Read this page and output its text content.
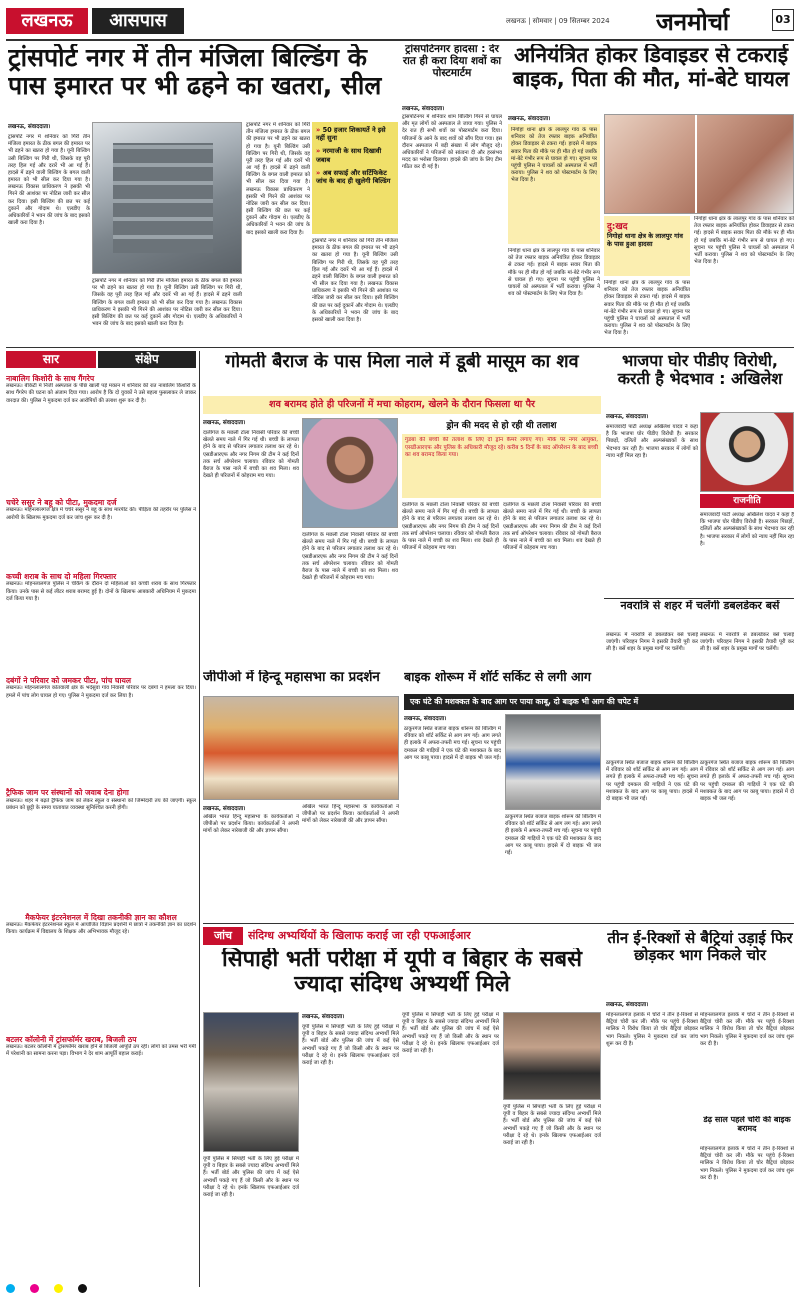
लखनऊ	आसपास	लखनऊ | सोमवार | 09 सितम्बर 2024	जनमोर्चा	03
ट्रांसपोर्ट नगर में तीन मंजिला बिल्डिंग के पास इमारत पर भी ढहने का खतरा, सील
लखनऊ, संवाददाता।
ट्रांसपोर्ट नगर में शनिवार को गिरी तीन मंजिला इमारत के ठीक बगल की इमारत पर भी ढहने का खतरा हो गया है। यूनी बिल्डिंग उसी बिल्डिंग पर गिरी थी, जिसके वह पूरी तरह हिल गई और दरारें भी आ गई हैं। हादसे में ढहने वाली बिल्डिंग के बगल वाली इमारत को भी सील कर दिया गया है। लखनऊ विकास प्राधिकरण ने इसकी भी गिरने की आशंका पर नोटिस जारी कर सील कर दिया। इसी बिल्डिंग की छत पर कई दुकानें और गोदाम थे। एलडीए के अधिकारियों ने भवन की जांच के बाद इसको खाली करा दिया है।
ट्रांसपोर्ट नगर में शनिवार को गिरी तीन मंजिला इमारत के ठीक बगल की इमारत पर भी ढहने का खतरा हो गया है। यूनी बिल्डिंग उसी बिल्डिंग पर गिरी थी, जिसके वह पूरी तरह हिल गई और दरारें भी आ गई हैं। हादसे में ढहने वाली बिल्डिंग के बगल वाली इमारत को भी सील कर दिया गया है। लखनऊ विकास प्राधिकरण ने इसकी भी गिरने की आशंका पर नोटिस जारी कर सील कर दिया। इसी बिल्डिंग की छत पर कई दुकानें और गोदाम थे। एलडीए के अधिकारियों ने भवन की जांच के बाद इसको खाली करा दिया है।
ट्रांसपोर्ट नगर में शनिवार को गिरी तीन मंजिला इमारत के ठीक बगल की इमारत पर भी ढहने का खतरा हो गया है। यूनी बिल्डिंग उसी बिल्डिंग पर गिरी थी, जिसके वह पूरी तरह हिल गई और दरारें भी आ गई हैं। हादसे में ढहने वाली बिल्डिंग के बगल वाली इमारत को भी सील कर दिया गया है। लखनऊ विकास प्राधिकरण ने इसकी भी गिरने की आशंका पर नोटिस जारी कर सील कर दिया। इसी बिल्डिंग की छत पर कई दुकानें और गोदाम थे। एलडीए के अधिकारियों ने भवन की जांच के बाद इसको खाली करा दिया है।
» 50 हजार शिकायतें ने इसे नहीं सुना
» नरमाजी के साथ दिखावी जबाब
» अब सफाई और सर्टिफिकेट जांच के बाद ही खुलेगी बिल्डिंग
ट्रांसपोर्ट नगर में शनिवार को गिरी तीन मंजिला इमारत के ठीक बगल की इमारत पर भी ढहने का खतरा हो गया है। यूनी बिल्डिंग उसी बिल्डिंग पर गिरी थी, जिसके वह पूरी तरह हिल गई और दरारें भी आ गई हैं। हादसे में ढहने वाली बिल्डिंग के बगल वाली इमारत को भी सील कर दिया गया है। लखनऊ विकास प्राधिकरण ने इसकी भी गिरने की आशंका पर नोटिस जारी कर सील कर दिया। इसी बिल्डिंग की छत पर कई दुकानें और गोदाम थे। एलडीए के अधिकारियों ने भवन की जांच के बाद इसको खाली करा दिया है।
ट्रांसपोर्टनगर हादसा : देर रात ही करा दिया शवों का पोस्टमार्टम
लखनऊ, संवाददाता।
ट्रांसपोर्टनगर में शनिवार शाम बिल्डिंग गिरने से घायल और मृत लोगों को अस्पताल ले जाया गया। पुलिस ने देर रात ही सभी शवों का पोस्टमार्टम करा दिया। परिजनों के आने के बाद शवों को सौंप दिया गया। इस दौरान अस्पताल में बड़ी संख्या में लोग मौजूद रहे। अधिकारियों ने परिजनों को सांत्वना दी और हरसंभव मदद का भरोसा दिलाया। हादसे की जांच के लिए टीम गठित कर दी गई है।
अनियंत्रित होकर डिवाइडर से टकराई बाइक, पिता की मौत, मां-बेटे घायल
लखनऊ, संवाददाता।
निगोहां थाना क्षेत्र के लालपुर गांव के पास शनिवार को तेज रफ्तार बाइक अनियंत्रित होकर डिवाइडर से टकरा गई। हादसे में बाइक सवार पिता की मौके पर ही मौत हो गई जबकि मां-बेटे गंभीर रूप से घायल हो गए। सूचना पर पहुंची पुलिस ने घायलों को अस्पताल में भर्ती कराया। पुलिस ने शव को पोस्टमार्टम के लिए भेज दिया है।
दु:खद
निगोहां थाना क्षेत्र के लालपुर गांव के पास हुआ हादसा
निगोहां थाना क्षेत्र के लालपुर गांव के पास शनिवार को तेज रफ्तार बाइक अनियंत्रित होकर डिवाइडर से टकरा गई। हादसे में बाइक सवार पिता की मौके पर ही मौत हो गई जबकि मां-बेटे गंभीर रूप से घायल हो गए। सूचना पर पहुंची पुलिस ने घायलों को अस्पताल में भर्ती कराया। पुलिस ने शव को पोस्टमार्टम के लिए भेज दिया है।
निगोहां थाना क्षेत्र के लालपुर गांव के पास शनिवार को तेज रफ्तार बाइक अनियंत्रित होकर डिवाइडर से टकरा गई। हादसे में बाइक सवार पिता की मौके पर ही मौत हो गई जबकि मां-बेटे गंभीर रूप से घायल हो गए। सूचना पर पहुंची पुलिस ने घायलों को अस्पताल में भर्ती कराया। पुलिस ने शव को पोस्टमार्टम के लिए भेज दिया है।
निगोहां थाना क्षेत्र के लालपुर गांव के पास शनिवार को तेज रफ्तार बाइक अनियंत्रित होकर डिवाइडर से टकरा गई। हादसे में बाइक सवार पिता की मौके पर ही मौत हो गई जबकि मां-बेटे गंभीर रूप से घायल हो गए। सूचना पर पहुंची पुलिस ने घायलों को अस्पताल में भर्ती कराया। पुलिस ने शव को पोस्टमार्टम के लिए भेज दिया है।
सार	संक्षेप
नाबालिग किशोरी के साथ गैंगरेप
लखनऊ। बीकेटी में निजी अस्पताल के पीछे खाली पड़े मकान में शनिवार की रात नाबालिग किशोरी के साथ गैंगरेप की घटना को अंजाम दिया गया। आरोप है कि दो युवकों ने उसे बहला फुसलाकर ले जाकर वारदात की। पुलिस ने मुकदमा दर्ज कर आरोपियों की तलाश शुरू कर दी है।
चचेरे ससुर ने बहू को पीटा, मुकदमा दर्ज
लखनऊ। मोहनलालगंज क्षेत्र में चचेरे ससुर ने बहू के साथ मारपीट की। पीड़िता की तहरीर पर पुलिस ने आरोपी के खिलाफ मुकदमा दर्ज कर जांच शुरू कर दी है।
कच्ची शराब के साथ दो महिला गिरफ्तार
लखनऊ। मोहनलालगंज पुलिस ने चेकिंग के दौरान दो महिलाओं को कच्ची शराब के साथ गिरफ्तार किया। उनके पास से कई लीटर शराब बरामद हुई है। दोनों के खिलाफ आबकारी अधिनियम में मुकदमा दर्ज किया गया है।
दबंगों ने परिवार को जमकर पीटा, पांच घायल
लखनऊ। मोहनलालगंज कोतवाली क्षेत्र के भदेसुवा गांव निवासी परिवार पर दबंगों ने हमला कर दिया। हमले में पांच लोग घायल हो गए। पुलिस ने मुकदमा दर्ज कर लिया है।
ट्रैफिक जाम पर संस्थानों को जवाब देना होगा
लखनऊ। शहर में बढ़ते ट्रैफिक जाम को लेकर स्कूल व संस्थानों को जिम्मेदारी तय की जाएगी। स्कूल प्रबंधन को छुट्टी के समय यातायात व्यवस्था सुनिश्चित करनी होगी।
मैकफेयर इंटरनेशनल में दिखा तकनीकी ज्ञान का कौशल
लखनऊ। मैकफेयर इंटरनेशनल स्कूल में आयोजित विज्ञान प्रदर्शनी में छात्रों ने तकनीकी ज्ञान का प्रदर्शन किया। कार्यक्रम में विद्यालय के शिक्षक और अभिभावक मौजूद रहे।
बटलर कॉलोनी में ट्रांसफॉर्मर खराब, बिजली ठप
लखनऊ। बटलर कॉलोनी में ट्रांसफॉर्मर खराब होने से बिजली आपूर्ति ठप रही। लोगों को उमस भरी गर्मी में परेशानी का सामना करना पड़ा। विभाग ने देर शाम आपूर्ति बहाल कराई।
गोमती बैराज के पास मिला नाले में डूबी मासूम का शव
शव बरामद होते ही परिजनों में मचा कोहराम, खेलने के दौरान फिसला था पैर
लखनऊ, संवाददाता।
दालीगंज के मछली टोला निवासी परिवार की बच्ची खेलते समय नाले में गिर गई थी। बच्ची के लापता होने के बाद से परिजन लगातार तलाश कर रहे थे। एसडीआरएफ और नगर निगम की टीम ने कई दिनों तक सर्च ऑपरेशन चलाया। रविवार को गोमती बैराज के पास नाले में बच्ची का शव मिला। शव देखते ही परिजनों में कोहराम मच गया।
दालीगंज के मछली टोला निवासी परिवार की बच्ची खेलते समय नाले में गिर गई थी। बच्ची के लापता होने के बाद से परिजन लगातार तलाश कर रहे थे। एसडीआरएफ और नगर निगम की टीम ने कई दिनों तक सर्च ऑपरेशन चलाया। रविवार को गोमती बैराज के पास नाले में बच्ची का शव मिला। शव देखते ही परिजनों में कोहराम मच गया।
ड्रोन की मदद से हो रही थी तलाश
गुडंबा की बच्ची की तलाश के लिए दो ड्रोन कैमरे लगाए गए। मौके पर नगर आयुक्त, एसडीआरएफ और पुलिस के अधिकारी मौजूद रहे। करीब 5 दिनों के बाद ऑपरेशन के बाद बच्ची का शव बरामद किया गया।
दालीगंज के मछली टोला निवासी परिवार की बच्ची खेलते समय नाले में गिर गई थी। बच्ची के लापता होने के बाद से परिजन लगातार तलाश कर रहे थे। एसडीआरएफ और नगर निगम की टीम ने कई दिनों तक सर्च ऑपरेशन चलाया। रविवार को गोमती बैराज के पास नाले में बच्ची का शव मिला। शव देखते ही परिजनों में कोहराम मच गया।
दालीगंज के मछली टोला निवासी परिवार की बच्ची खेलते समय नाले में गिर गई थी। बच्ची के लापता होने के बाद से परिजन लगातार तलाश कर रहे थे। एसडीआरएफ और नगर निगम की टीम ने कई दिनों तक सर्च ऑपरेशन चलाया। रविवार को गोमती बैराज के पास नाले में बच्ची का शव मिला। शव देखते ही परिजनों में कोहराम मच गया।
भाजपा घोर पीडीए विरोधी, करती है भेदभाव : अखिलेश
लखनऊ, संवाददाता।
समाजवादी पार्टी अध्यक्ष अखिलेश यादव ने कहा है कि भाजपा घोर पीडीए विरोधी है। सरकार पिछड़ों, दलितों और अल्पसंख्यकों के साथ भेदभाव कर रही है। भाजपा सरकार में लोगों को न्याय नहीं मिल रहा है।
राजनीति
समाजवादी पार्टी अध्यक्ष अखिलेश यादव ने कहा है कि भाजपा घोर पीडीए विरोधी है। सरकार पिछड़ों, दलितों और अल्पसंख्यकों के साथ भेदभाव कर रही है। भाजपा सरकार में लोगों को न्याय नहीं मिल रहा है।
नवरात्रि से शहर में चलेंगी डबलडेकर बसें
लखनऊ में नवरात्रि से डबलडेकर बसें चलाई जाएंगी। परिवहन निगम ने इसकी तैयारी पूरी कर ली है। बसें शहर के प्रमुख मार्गों पर चलेंगी।
लखनऊ में नवरात्रि से डबलडेकर बसें चलाई जाएंगी। परिवहन निगम ने इसकी तैयारी पूरी कर ली है। बसें शहर के प्रमुख मार्गों पर चलेंगी।
जीपीओ में हिन्दू महासभा का प्रदर्शन
लखनऊ, संवाददाता।
अखिल भारत हिन्दू महासभा के कार्यकर्ताओं ने जीपीओ पर प्रदर्शन किया। कार्यकर्ताओं ने अपनी मांगों को लेकर नारेबाजी की और ज्ञापन सौंपा।
अखिल भारत हिन्दू महासभा के कार्यकर्ताओं ने जीपीओ पर प्रदर्शन किया। कार्यकर्ताओं ने अपनी मांगों को लेकर नारेबाजी की और ज्ञापन सौंपा।
बाइक शोरूम में शॉर्ट सर्किट से लगी आग
एक घंटे की मशक्कत के बाद आग पर पाया काबू, दो बाइक भी आग की चपेट में
लखनऊ, संवाददाता।
ठाकुरगंज स्थित बजाज बाइक शोरूम की बिल्डिंग में रविवार को शॉर्ट सर्किट से आग लग गई। आग लगते ही इलाके में अफरा-तफरी मच गई। सूचना पर पहुंची दमकल की गाड़ियों ने एक घंटे की मशक्कत के बाद आग पर काबू पाया। हादसे में दो बाइक भी जल गईं।
ठाकुरगंज स्थित बजाज बाइक शोरूम की बिल्डिंग में रविवार को शॉर्ट सर्किट से आग लग गई। आग लगते ही इलाके में अफरा-तफरी मच गई। सूचना पर पहुंची दमकल की गाड़ियों ने एक घंटे की मशक्कत के बाद आग पर काबू पाया। हादसे में दो बाइक भी जल गईं।
ठाकुरगंज स्थित बजाज बाइक शोरूम की बिल्डिंग में रविवार को शॉर्ट सर्किट से आग लग गई। आग लगते ही इलाके में अफरा-तफरी मच गई। सूचना पर पहुंची दमकल की गाड़ियों ने एक घंटे की मशक्कत के बाद आग पर काबू पाया। हादसे में दो बाइक भी जल गईं।
ठाकुरगंज स्थित बजाज बाइक शोरूम की बिल्डिंग में रविवार को शॉर्ट सर्किट से आग लग गई। आग लगते ही इलाके में अफरा-तफरी मच गई। सूचना पर पहुंची दमकल की गाड़ियों ने एक घंटे की मशक्कत के बाद आग पर काबू पाया। हादसे में दो बाइक भी जल गईं।
जांच	संदिग्ध अभ्यर्थियों के खिलाफ कराई जा रही एफआईआर
सिपाही भर्ती परीक्षा में यूपी व बिहार के सबसे ज्यादा संदिग्ध अभ्यर्थी मिले
यूपी पुलिस में सिपाही भर्ती के लिए हुई परीक्षा में यूपी व बिहार के सबसे ज्यादा संदिग्ध अभ्यर्थी मिले हैं। भर्ती बोर्ड और पुलिस की जांच में कई ऐसे अभ्यर्थी पकड़े गए हैं जो किसी और के स्थान पर परीक्षा दे रहे थे। इनके खिलाफ एफआईआर दर्ज कराई जा रही है।
लखनऊ, संवाददाता।
यूपी पुलिस में सिपाही भर्ती के लिए हुई परीक्षा में यूपी व बिहार के सबसे ज्यादा संदिग्ध अभ्यर्थी मिले हैं। भर्ती बोर्ड और पुलिस की जांच में कई ऐसे अभ्यर्थी पकड़े गए हैं जो किसी और के स्थान पर परीक्षा दे रहे थे। इनके खिलाफ एफआईआर दर्ज कराई जा रही है।
यूपी पुलिस में सिपाही भर्ती के लिए हुई परीक्षा में यूपी व बिहार के सबसे ज्यादा संदिग्ध अभ्यर्थी मिले हैं। भर्ती बोर्ड और पुलिस की जांच में कई ऐसे अभ्यर्थी पकड़े गए हैं जो किसी और के स्थान पर परीक्षा दे रहे थे। इनके खिलाफ एफआईआर दर्ज कराई जा रही है।
यूपी पुलिस में सिपाही भर्ती के लिए हुई परीक्षा में यूपी व बिहार के सबसे ज्यादा संदिग्ध अभ्यर्थी मिले हैं। भर्ती बोर्ड और पुलिस की जांच में कई ऐसे अभ्यर्थी पकड़े गए हैं जो किसी और के स्थान पर परीक्षा दे रहे थे। इनके खिलाफ एफआईआर दर्ज कराई जा रही है।
तीन ई-रिक्शों से बैट्रियां उड़ाई फिर छोड़कर भाग निकले चोर
लखनऊ, संवाददाता।
मोहनलालगंज इलाके में चोरों ने तीन ई-रिक्शों से बैट्रियां चोरी कर लीं। मौके पर पहुंचे ई-रिक्शा मालिक ने विरोध किया तो चोर बैट्रियां छोड़कर भाग निकले। पुलिस ने मुकदमा दर्ज कर जांच शुरू कर दी है।
मोहनलालगंज इलाके में चोरों ने तीन ई-रिक्शों से बैट्रियां चोरी कर लीं। मौके पर पहुंचे ई-रिक्शा मालिक ने विरोध किया तो चोर बैट्रियां छोड़कर भाग निकले। पुलिस ने मुकदमा दर्ज कर जांच शुरू कर दी है।
डेढ़ साल पहले चोरी की बाइक बरामद
मोहनलालगंज इलाके में चोरों ने तीन ई-रिक्शों से बैट्रियां चोरी कर लीं। मौके पर पहुंचे ई-रिक्शा मालिक ने विरोध किया तो चोर बैट्रियां छोड़कर भाग निकले। पुलिस ने मुकदमा दर्ज कर जांच शुरू कर दी है।
